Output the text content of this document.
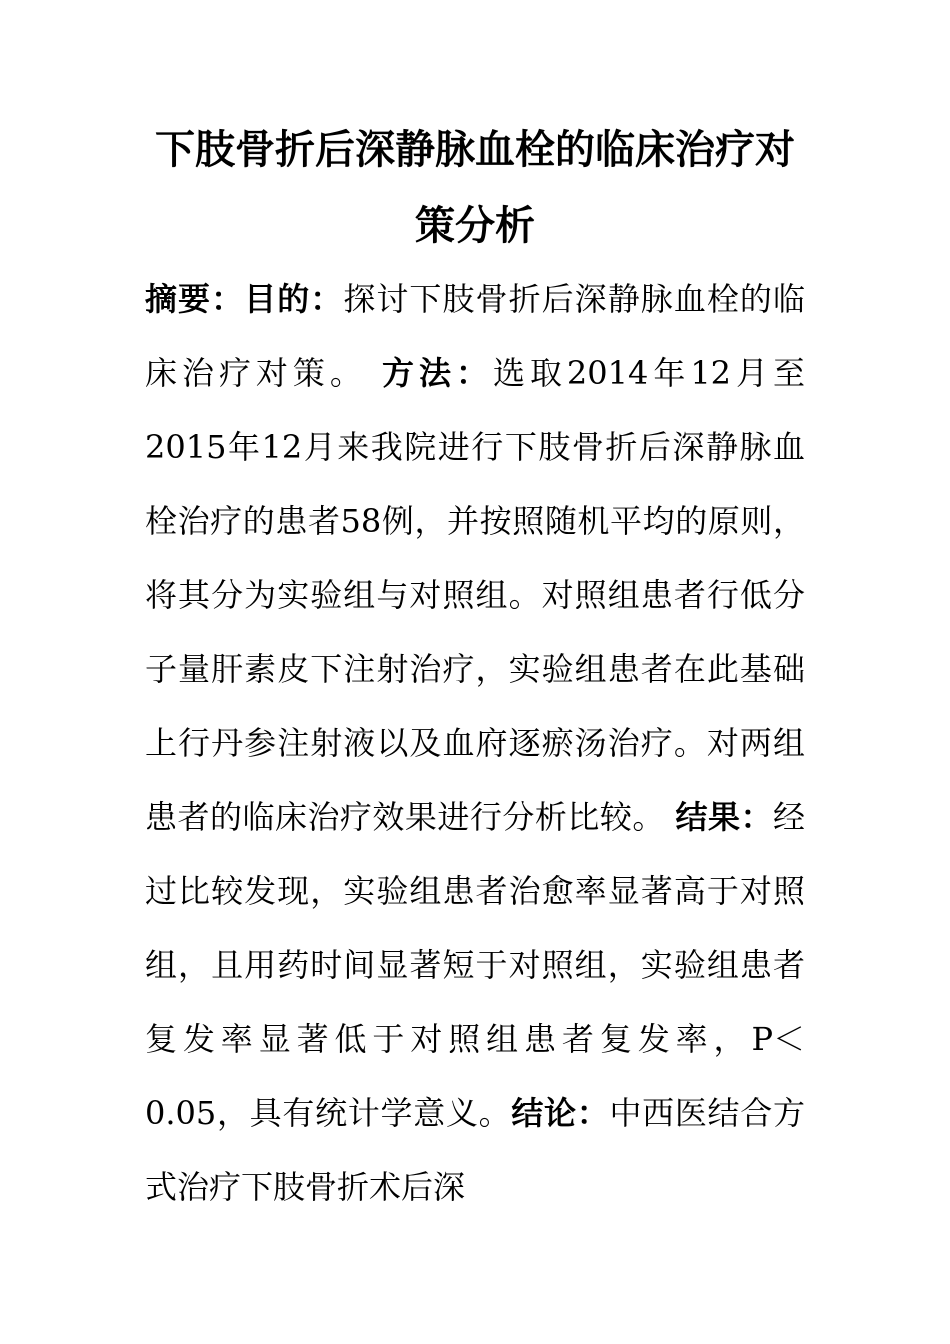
下肢骨折后深静脉血栓的临床治疗对策分析

摘要：目的：探讨下肢骨折后深静脉血栓的临床治疗对策。 方法：选取2014年12月至2015年12月来我院进行下肢骨折后深静脉血栓治疗的患者58例，并按照随机平均的原则，将其分为实验组与对照组。对照组患者行低分子量肝素皮下注射治疗，实验组患者在此基础上行丹参注射液以及血府逐瘀汤治疗。对两组患者的临床治疗效果进行分析比较。 结果：经过比较发现，实验组患者治愈率显著高于对照组，且用药时间显著短于对照组，实验组患者复发率显著低于对照组患者复发率，P＜0.05，具有统计学意义。结论：中西医结合方式治疗下肢骨折术后深
